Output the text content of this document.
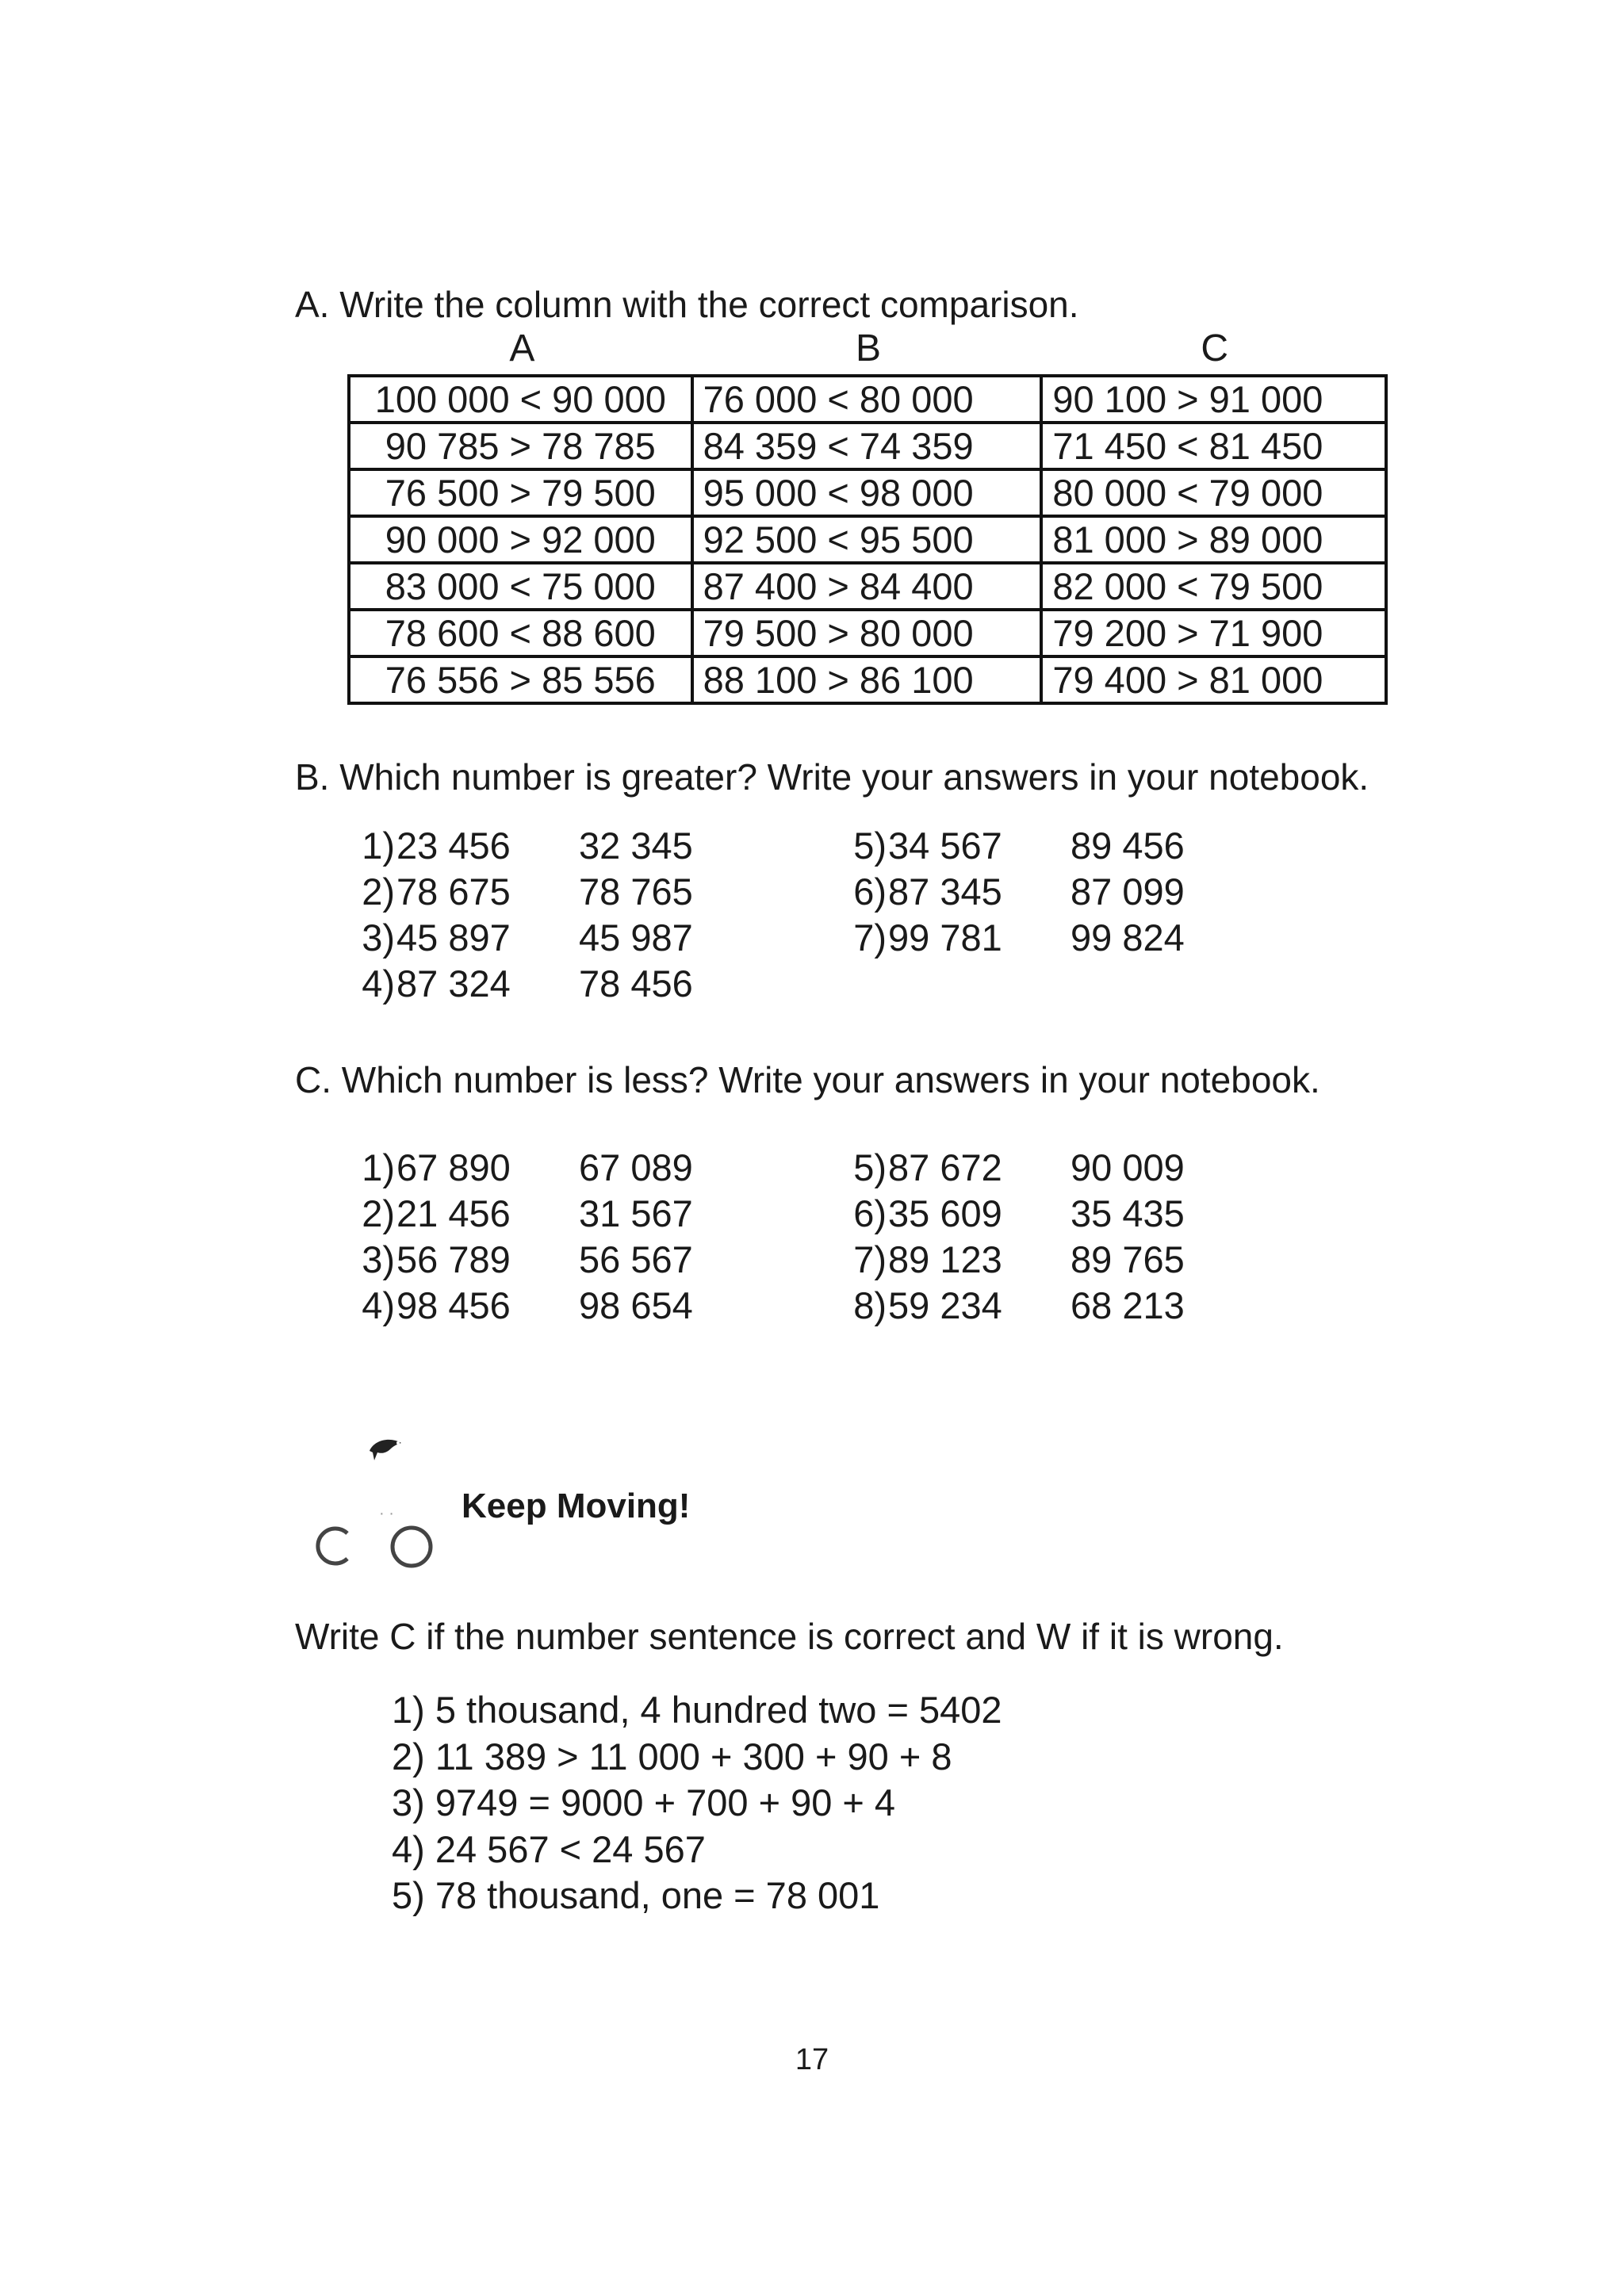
A. Write the column with the correct comparison.
A	B	C
100 000 < 90 000	76 000 < 80 000	90 100 > 91 000
90 785 > 78 785	84 359 < 74 359	71 450 < 81 450
76 500 > 79 500	95 000 < 98 000	80 000 < 79 000
90 000 > 92 000	92 500 < 95 500	81 000 > 89 000
83 000 < 75 000	87 400 > 84 400	82 000 < 79 500
78 600 < 88 600	79 500 > 80 000	79 200 > 71 900
76 556 > 85 556	88 100 > 86 100	79 400 > 81 000
B. Which number is greater? Write your answers in your notebook.
1) 23 456	32 345
2) 78 675	78 765
3) 45 897	45 987
4) 87 324	78 456
5) 34 567	89 456
6) 87 345	87 099
7) 99 781	99 824
C. Which number is less? Write your answers in your notebook.
1) 67 890	67 089
2) 21 456	31 567
3) 56 789	56 567
4) 98 456	98 654
5) 87 672	90 009
6) 35 609	35 435
7) 89 123	89 765
8) 59 234	68 213
· · Keep Moving!
Write C if the number sentence is correct and W if it is wrong.
1) 5 thousand, 4 hundred two = 5402
2) 11 389 > 11 000 + 300 + 90 + 8
3) 9749 = 9000 + 700 + 90 + 4
4) 24 567 < 24 567
5) 78 thousand, one = 78 001
17
